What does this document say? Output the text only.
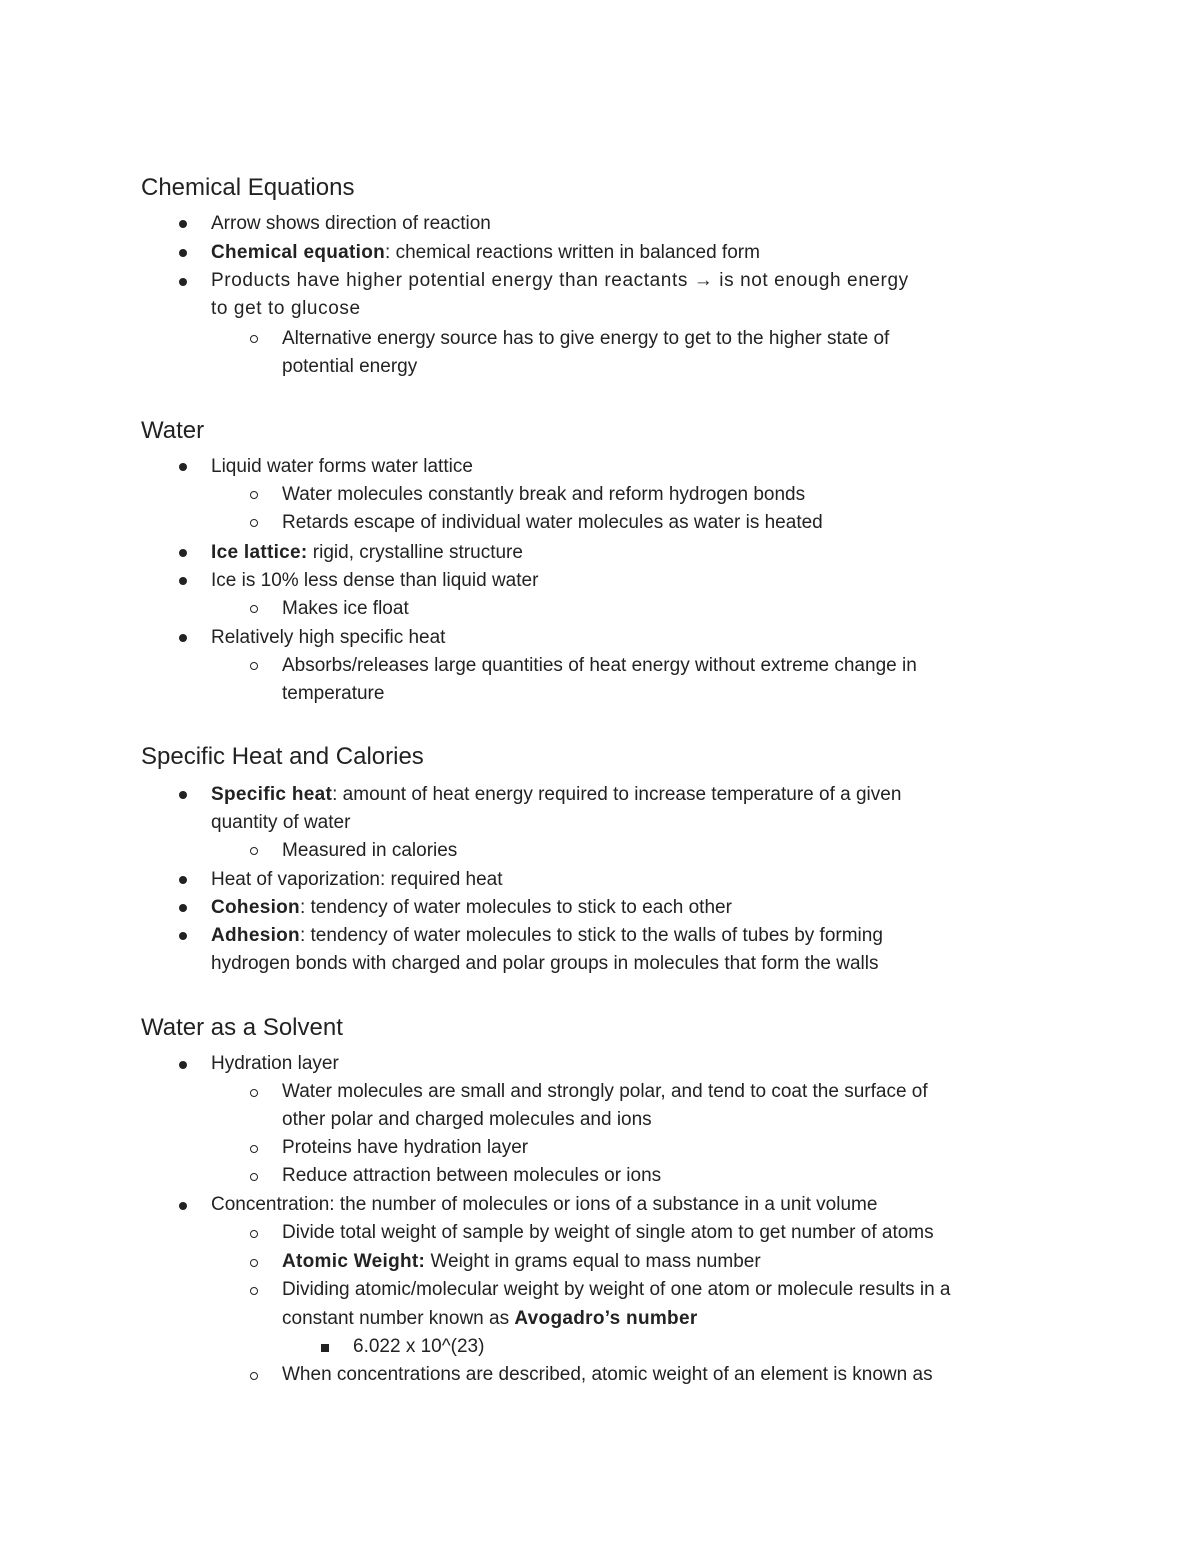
Chemical Equations
Arrow shows direction of reaction
Chemical equation: chemical reactions written in balanced form
Products have higher potential energy than reactants → is not enough energy
to get to glucose
Alternative energy source has to give energy to get to the higher state of
potential energy
Water
Liquid water forms water lattice
Water molecules constantly break and reform hydrogen bonds
Retards escape of individual water molecules as water is heated
Ice lattice: rigid, crystalline structure
Ice is 10% less dense than liquid water
Makes ice float
Relatively high specific heat
Absorbs/releases large quantities of heat energy without extreme change in
temperature
Specific Heat and Calories
Specific heat: amount of heat energy required to increase temperature of a given
quantity of water
Measured in calories
Heat of vaporization: required heat
Cohesion: tendency of water molecules to stick to each other
Adhesion: tendency of water molecules to stick to the walls of tubes by forming
hydrogen bonds with charged and polar groups in molecules that form the walls
Water as a Solvent
Hydration layer
Water molecules are small and strongly polar, and tend to coat the surface of
other polar and charged molecules and ions
Proteins have hydration layer
Reduce attraction between molecules or ions
Concentration: the number of molecules or ions of a substance in a unit volume
Divide total weight of sample by weight of single atom to get number of atoms
Atomic Weight: Weight in grams equal to mass number
Dividing atomic/molecular weight by weight of one atom or molecule results in a
constant number known as Avogadro’s number
6.022 x 10^(23)
When concentrations are described, atomic weight of an element is known as
